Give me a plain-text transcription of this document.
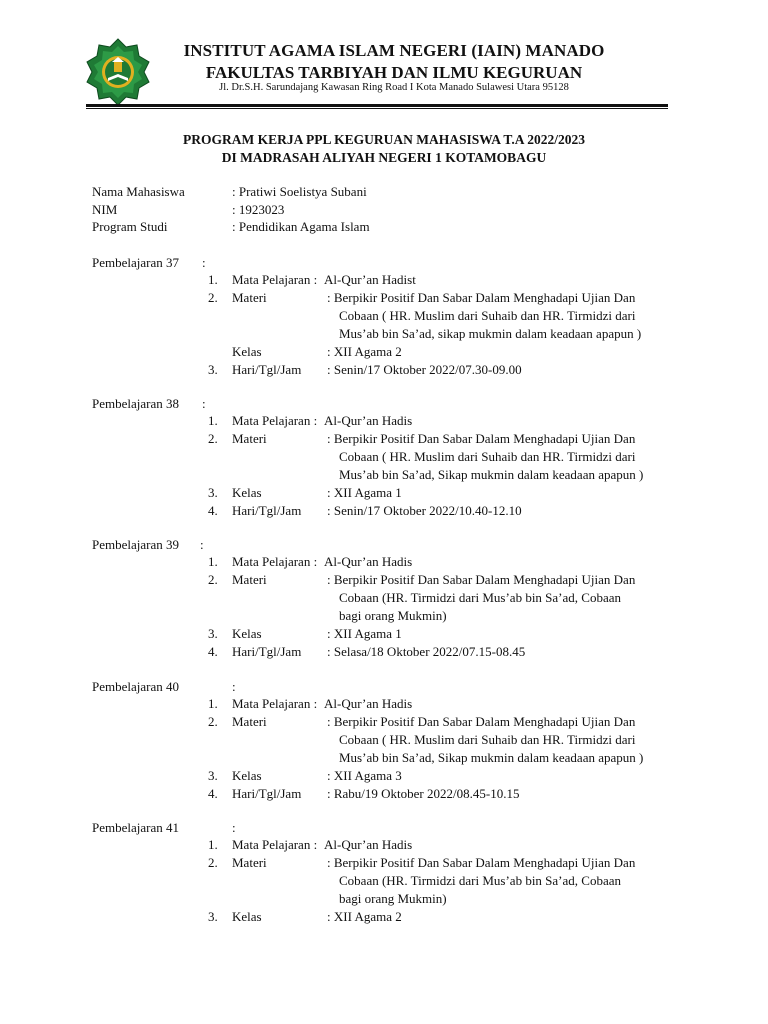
INSTITUT AGAMA ISLAM NEGERI (IAIN) MANADO
FAKULTAS TARBIYAH DAN ILMU KEGURUAN
Jl. Dr.S.H. Sarundajang Kawasan Ring Road I Kota Manado Sulawesi Utara 95128
PROGRAM KERJA PPL KEGURUAN MAHASISWA T.A 2022/2023
DI MADRASAH ALIYAH NEGERI 1 KOTAMOBAGU
Nama Mahasiswa	: Pratiwi Soelistya Subani
NIM	: 1923023
Program Studi	: Pendidikan Agama Islam
Pembelajaran 37 :
1. Mata Pelajaran : Al-Qur’an Hadist
2. Materi	: Berpikir Positif Dan Sabar Dalam Menghadapi Ujian Dan
Cobaan ( HR. Muslim dari Suhaib dan HR. Tirmidzi dari
Mus’ab bin Sa’ad, sikap mukmin dalam keadaan apapun )
Kelas	: XII Agama 2
3. Hari/Tgl/Jam : Senin/17 Oktober 2022/07.30-09.00
Pembelajaran 38 :
1. Mata Pelajaran : Al-Qur’an Hadis
2. Materi	: Berpikir Positif Dan Sabar Dalam Menghadapi Ujian Dan
Cobaan ( HR. Muslim dari Suhaib dan HR. Tirmidzi dari
Mus’ab bin Sa’ad, Sikap mukmin dalam keadaan apapun )
3. Kelas	: XII Agama 1
4. Hari/Tgl/Jam : Senin/17 Oktober 2022/10.40-12.10
Pembelajaran 39 :
1. Mata Pelajaran : Al-Qur’an Hadis
2. Materi	: Berpikir Positif Dan Sabar Dalam Menghadapi Ujian Dan
Cobaan (HR. Tirmidzi dari Mus’ab bin Sa’ad, Cobaan
bagi orang Mukmin)
3. Kelas	: XII Agama 1
4. Hari/Tgl/Jam : Selasa/18 Oktober 2022/07.15-08.45
Pembelajaran 40	:
1. Mata Pelajaran : Al-Qur’an Hadis
2. Materi	: Berpikir Positif Dan Sabar Dalam Menghadapi Ujian Dan
Cobaan ( HR. Muslim dari Suhaib dan HR. Tirmidzi dari
Mus’ab bin Sa’ad, Sikap mukmin dalam keadaan apapun )
3. Kelas	: XII Agama 3
4. Hari/Tgl/Jam : Rabu/19 Oktober 2022/08.45-10.15
Pembelajaran 41	:
1. Mata Pelajaran : Al-Qur’an Hadis
2. Materi	: Berpikir Positif Dan Sabar Dalam Menghadapi Ujian Dan
Cobaan (HR. Tirmidzi dari Mus’ab bin Sa’ad, Cobaan
bagi orang Mukmin)
3. Kelas	: XII Agama 2
